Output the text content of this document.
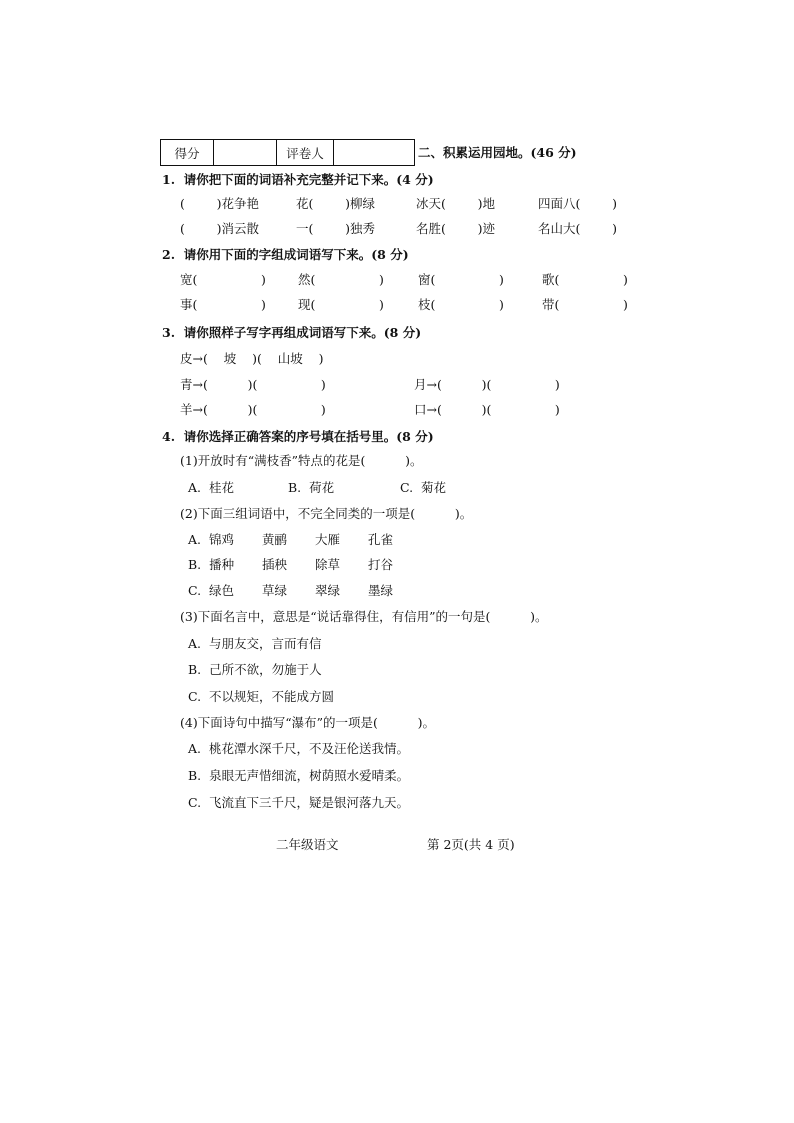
得分		评卷人		二、积累运用园地。(46 分)
1.  请你把下面的词语补充完整并记下来。(4 分)
(        )花争艳	花(        )柳绿	冰天(        )地	四面八(        )
(        )消云散	一(        )独秀	名胜(        )迹	名山大(        )
2.  请你用下面的字组成词语写下来。(8 分)
宽(                )	然(                )	窗(                )	歌(                )
事(                )	现(                )	枝(                )	带(                )
3.  请你照样子写字再组成词语写下来。(8 分)
皮→(    坡    )(    山坡    )
青→(          )(                )	月→(          )(                )
羊→(          )(                )	口→(          )(                )
4.  请你选择正确答案的序号填在括号里。(8 分)
(1)开放时有“满枝香”特点的花是(          )。
A.  桂花	B.  荷花	C.  菊花
(2)下面三组词语中，不完全同类的一项是(          )。
A.  锦鸡 黄鹂 大雁 孔雀
B.  播种 插秧 除草 打谷
C.  绿色 草绿 翠绿 墨绿
(3)下面名言中，意思是“说话靠得住，有信用”的一句是(          )。
A.  与朋友交，言而有信
B.  己所不欲，勿施于人
C.  不以规矩，不能成方圆
(4)下面诗句中描写“瀑布”的一项是(          )。
A.  桃花潭水深千尺，不及汪伦送我情。
B.  泉眼无声惜细流，树荫照水爱晴柔。
C.  飞流直下三千尺，疑是银河落九天。
二年级语文	第 2页(共 4 页)
